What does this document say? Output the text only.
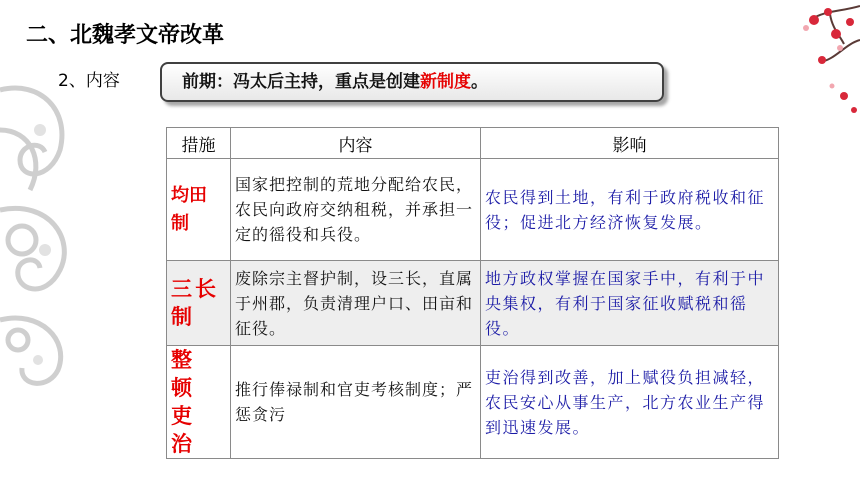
二、北魏孝文帝改革
2、内容	前期：冯太后主持，重点是创建新制度。
措施	内容	影响

均田
制	国家把控制的荒地分配给农民，农民向政府交纳租税，并承担一定的徭役和兵役。	农民得到土地，有利于政府税收和征役；促进北方经济恢复发展。

三长
制	废除宗主督护制，设三长，直属于州郡，负责清理户口、田亩和征役。	地方政权掌握在国家手中，有利于中央集权，有利于国家征收赋税和徭役。

整 顿
吏 治	推行俸禄制和官吏考核制度；严惩贪污	吏治得到改善，加上赋役负担减轻，农民安心从事生产，北方农业生产得到迅速发展。
